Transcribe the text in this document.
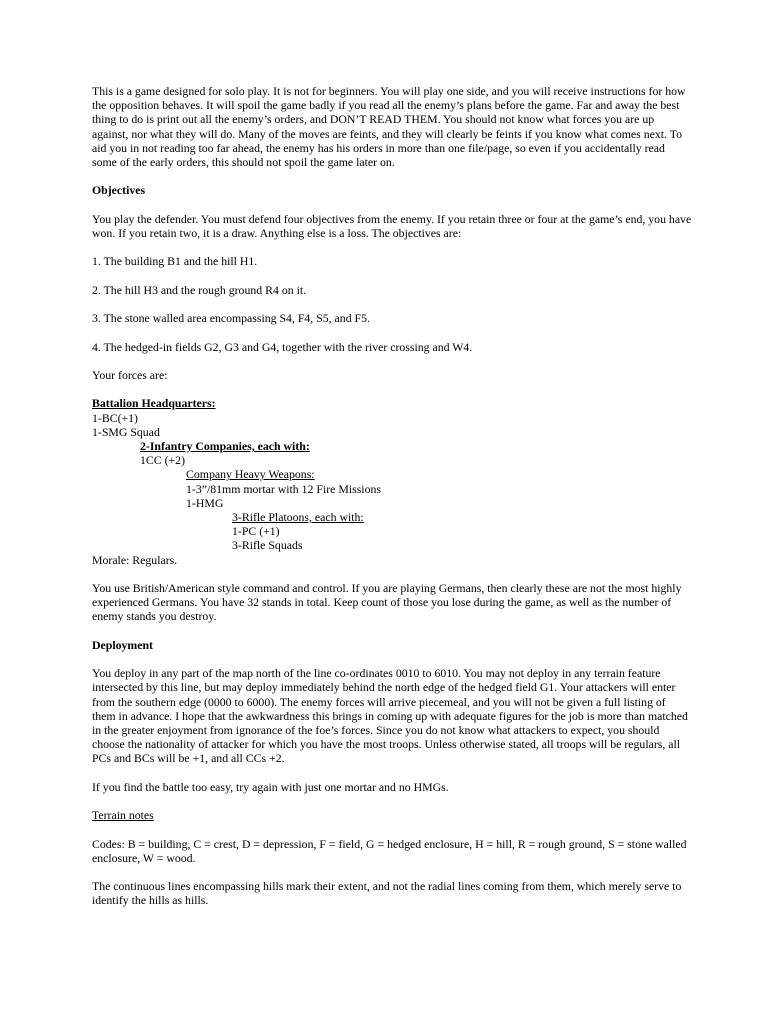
This is a game designed for solo play. It is not for beginners. You will play one side, and you will receive instructions for how the opposition behaves. It will spoil the game badly if you read all the enemy’s plans before the game. Far and away the best thing to do is print out all the enemy’s orders, and DON’T READ THEM. You should not know what forces you are up against, nor what they will do. Many of the moves are feints, and they will clearly be feints if you know what comes next. To aid you in not reading too far ahead, the enemy has his orders in more than one file/page, so even if you accidentally read some of the early orders, this should not spoil the game later on.

Objectives

You play the defender. You must defend four objectives from the enemy. If you retain three or four at the game’s end, you have won. If you retain two, it is a draw. Anything else is a loss. The objectives are:

1. The building B1 and the hill H1.

2. The hill H3 and the rough ground R4 on it.

3. The stone walled area encompassing S4, F4, S5, and F5.

4. The hedged-in fields G2, G3 and G4, together with the river crossing and W4.

Your forces are:

Battalion Headquarters:

1-BC(+1)

1-SMG Squad

2-Infantry Companies, each with:

1CC (+2)

Company Heavy Weapons:

1-3”/81mm mortar with 12 Fire Missions

1-HMG

3-Rifle Platoons, each with:

1-PC (+1)

3-Rifle Squads

Morale: Regulars.

You use British/American style command and control. If you are playing Germans, then clearly these are not the most highly experienced Germans. You have 32 stands in total. Keep count of those you lose during the game, as well as the number of enemy stands you destroy.

Deployment

You deploy in any part of the map north of the line co-ordinates 0010 to 6010. You may not deploy in any terrain feature intersected by this line, but may deploy immediately behind the north edge of the hedged field G1. Your attackers will enter from the southern edge (0000 to 6000). The enemy forces will arrive piecemeal, and you will not be given a full listing of them in advance. I hope that the awkwardness this brings in coming up with adequate figures for the job is more than matched in the greater enjoyment from ignorance of the foe’s forces. Since you do not know what attackers to expect, you should choose the nationality of attacker for which you have the most troops. Unless otherwise stated, all troops will be regulars, all PCs and BCs will be +1, and all CCs +2.

If you find the battle too easy, try again with just one mortar and no HMGs.

Terrain notes

Codes: B = building, C = crest, D = depression, F = field, G = hedged enclosure, H = hill, R = rough ground, S = stone walled enclosure, W = wood.

The continuous lines encompassing hills mark their extent, and not the radial lines coming from them, which merely serve to identify the hills as hills.
